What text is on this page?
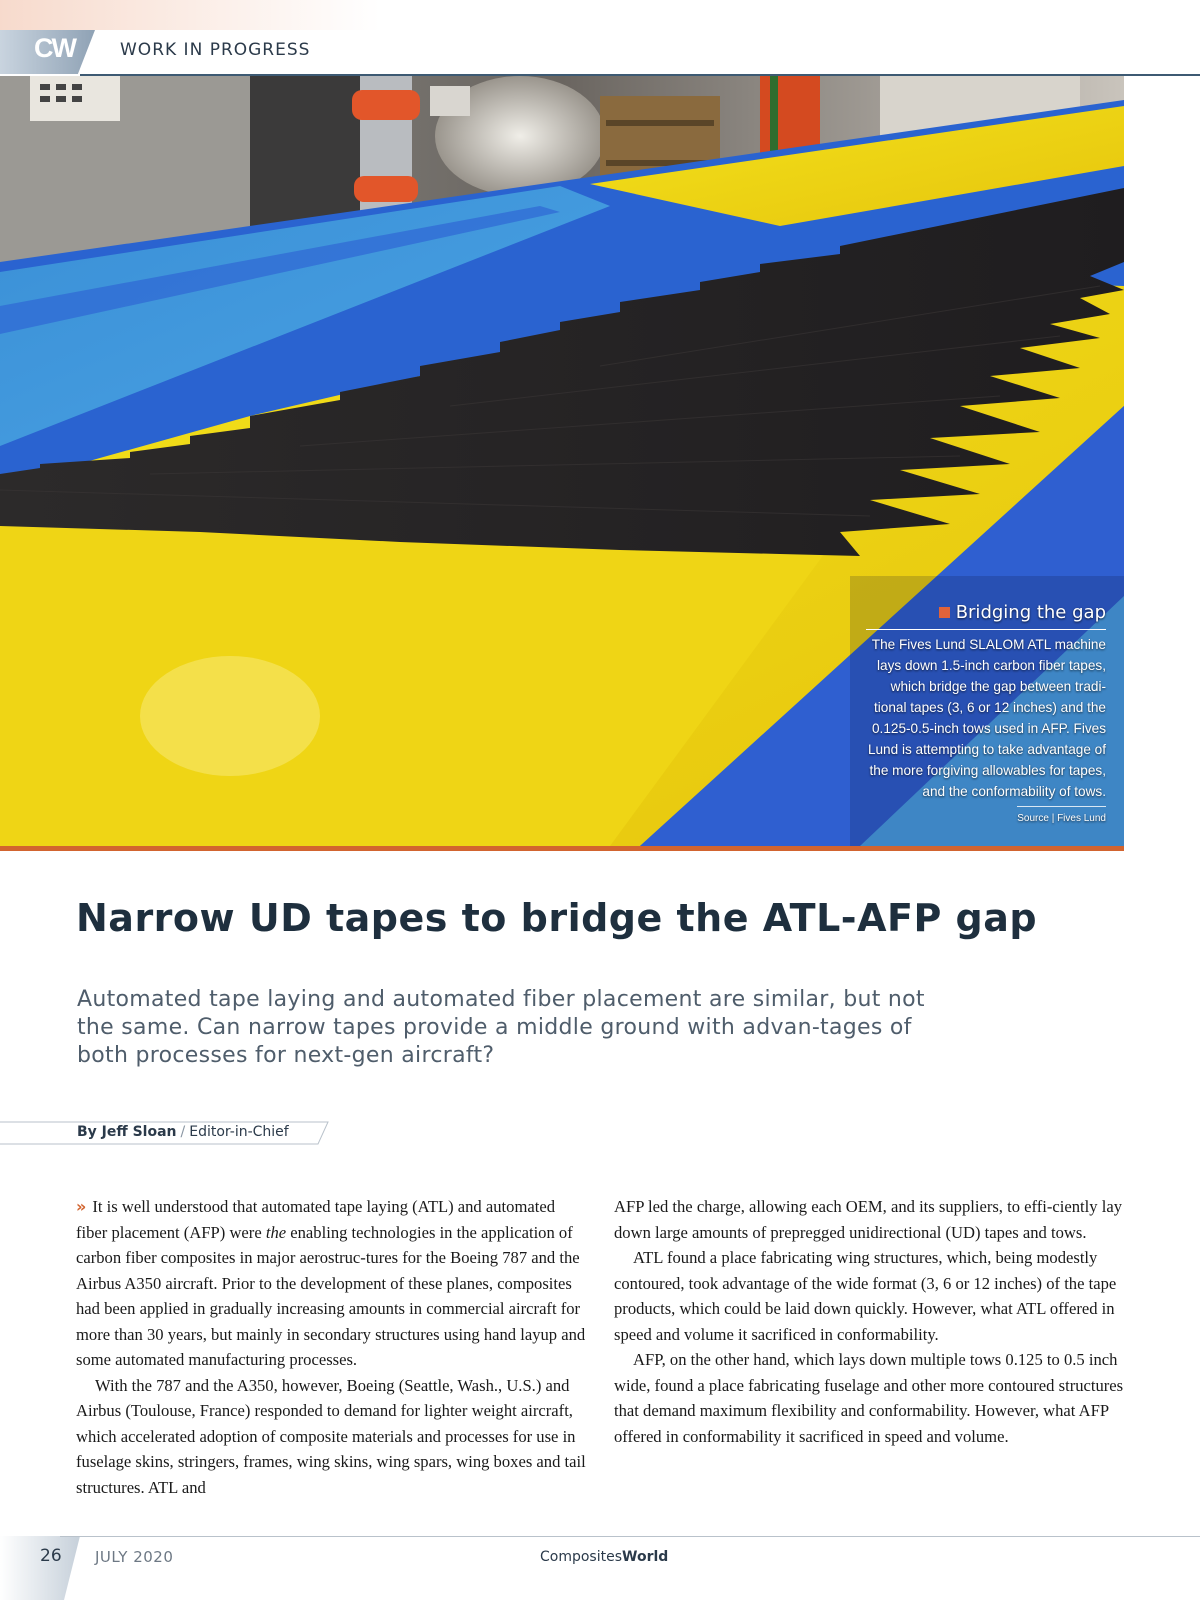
CW	WORK IN PROGRESS
Bridging the gap
The Fives Lund SLALOM ATL machine lays down 1.5-inch carbon fiber tapes, which bridge the gap between tradi-tional tapes (3, 6 or 12 inches) and the 0.125-0.5-inch tows used in AFP. Fives Lund is attempting to take advantage of the more forgiving allowables for tapes, and the conformability of tows.
Source | Fives Lund
Narrow UD tapes to bridge the ATL-AFP gap

Automated tape laying and automated fiber placement are similar, but not the same. Can narrow tapes provide a middle ground with advan-tages of both processes for next-gen aircraft?

By Jeff Sloan / Editor-in-Chief

» It is well understood that automated tape laying (ATL) and automated fiber placement (AFP) were the enabling technologies in the application of carbon fiber composites in major aerostruc-tures for the Boeing 787 and the Airbus A350 aircraft. Prior to the development of these planes, composites had been applied in gradually increasing amounts in commercial aircraft for more than 30 years, but mainly in secondary structures using hand layup and some automated manufacturing processes.

With the 787 and the A350, however, Boeing (Seattle, Wash., U.S.) and Airbus (Toulouse, France) responded to demand for lighter weight aircraft, which accelerated adoption of composite materials and processes for use in fuselage skins, stringers, frames, wing skins, wing spars, wing boxes and tail structures. ATL and

AFP led the charge, allowing each OEM, and its suppliers, to effi-ciently lay down large amounts of prepregged unidirectional (UD) tapes and tows.

ATL found a place fabricating wing structures, which, being modestly contoured, took advantage of the wide format (3, 6 or 12 inches) of the tape products, which could be laid down quickly. However, what ATL offered in speed and volume it sacrificed in conformability.

AFP, on the other hand, which lays down multiple tows 0.125 to 0.5 inch wide, found a place fabricating fuselage and other more contoured structures that demand maximum flexibility and conformability. However, what AFP offered in conformability it sacrificed in speed and volume.

26 JULY 2020	CompositesWorld
